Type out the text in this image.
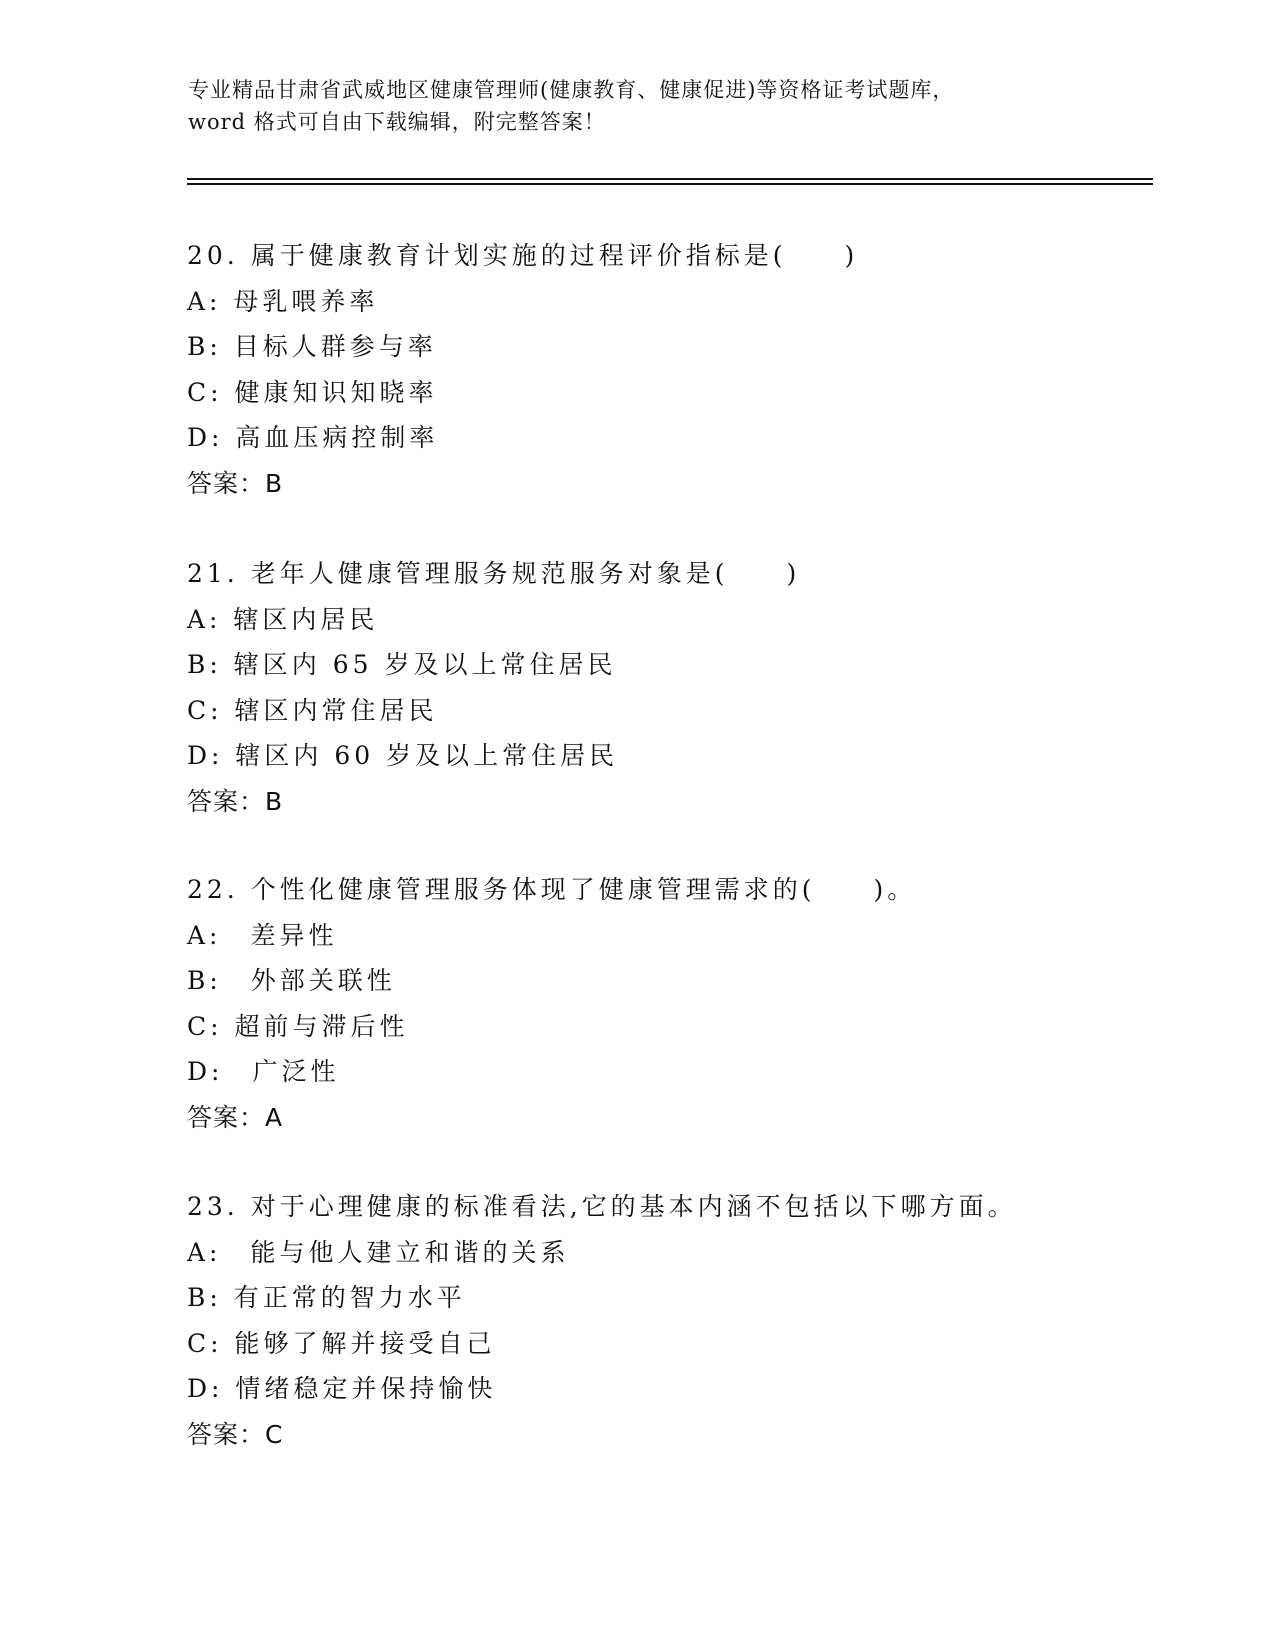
专业精品甘肃省武威地区健康管理师(健康教育、健康促进)等资格证考试题库，
word 格式可自由下载编辑，附完整答案！
20. 属于健康教育计划实施的过程评价指标是(　　)
A: 母乳喂养率
B: 目标人群参与率
C: 健康知识知晓率
D: 高血压病控制率
答案：B
21. 老年人健康管理服务规范服务对象是(　　)
A: 辖区内居民
B: 辖区内 65 岁及以上常住居民
C: 辖区内常住居民
D: 辖区内 60 岁及以上常住居民
答案：B
22. 个性化健康管理服务体现了健康管理需求的(　　)。
A:　差异性
B:　外部关联性
C: 超前与滞后性
D:　广泛性
答案：A
23. 对于心理健康的标准看法,它的基本内涵不包括以下哪方面。
A:　能与他人建立和谐的关系
B: 有正常的智力水平
C: 能够了解并接受自己
D: 情绪稳定并保持愉快
答案：C
